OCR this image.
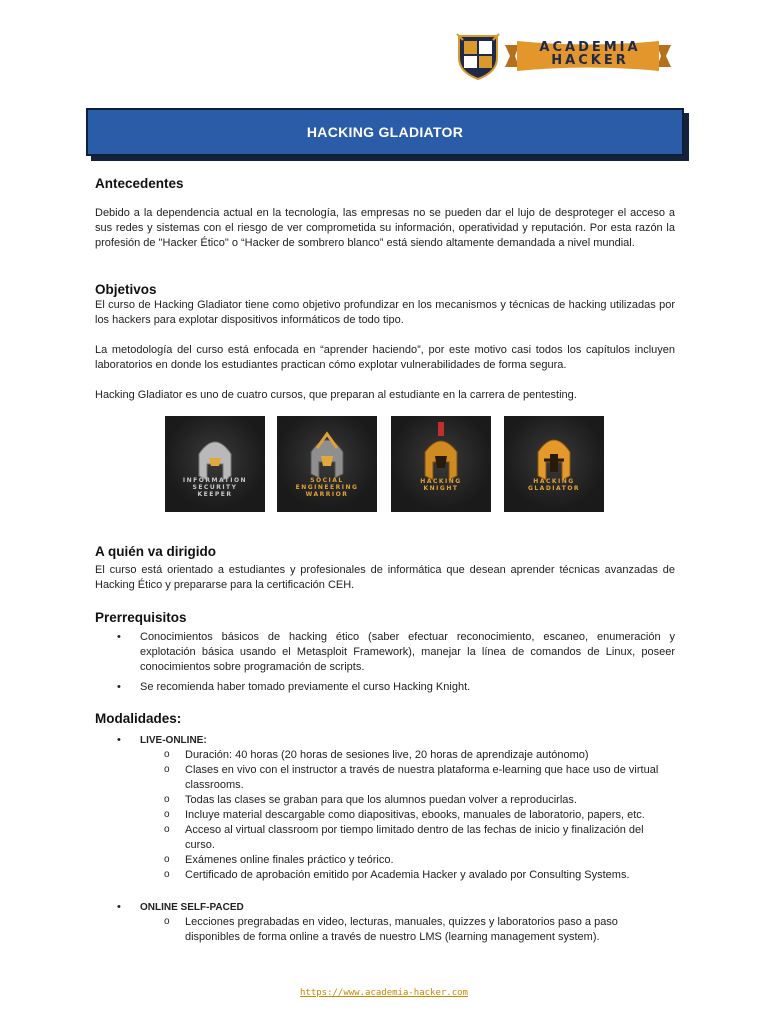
ACADEMIA
HACKER
HACKING GLADIATOR
Antecedentes

Debido a la dependencia actual en la tecnología, las empresas no se pueden dar el lujo de desproteger el acceso a sus redes y sistemas con el riesgo de ver comprometida su información, operatividad y reputación. Por esta razón la profesión de "Hacker Ético" o “Hacker de sombrero blanco” está siendo altamente demandada a nivel mundial.

Objetivos

El curso de Hacking Gladiator tiene como objetivo profundizar en los mecanismos y técnicas de hacking utilizadas por los hackers para explotar dispositivos informáticos de todo tipo.

La metodología del curso está enfocada en “aprender haciendo”, por este motivo casi todos los capítulos incluyen laboratorios en donde los estudiantes practican cómo explotar vulnerabilidades de forma segura.

Hacking Gladiator es uno de cuatro cursos, que preparan al estudiante en la carrera de pentesting.

INFORMATION
SECURITY
KEEPER
SOCIAL
ENGINEERING
WARRIOR
HACKING
KNIGHT
HACKING
GLADIATOR
A quién va dirigido

El curso está orientado a estudiantes y profesionales de informática que desean aprender técnicas avanzadas de Hacking Ético y prepararse para la certificación CEH.

Prerrequisitos
• Conocimientos básicos de hacking ético (saber efectuar reconocimiento, escaneo, enumeración y explotación básica usando el Metasploit Framework), manejar la línea de comandos de Linux, poseer conocimientos sobre programación de scripts.
• Se recomienda haber tomado previamente el curso Hacking Knight.
Modalidades:
• LIVE-ONLINE:
o Duración: 40 horas (20 horas de sesiones live, 20 horas de aprendizaje autónomo)
o Clases en vivo con el instructor a través de nuestra plataforma e-learning que hace uso de virtual classrooms.
o Todas las clases se graban para que los alumnos puedan volver a reproducirlas.
o Incluye material descargable como diapositivas, ebooks, manuales de laboratorio, papers, etc.
o Acceso al virtual classroom por tiempo limitado dentro de las fechas de inicio y finalización del curso.
o Exámenes online finales práctico y teórico.
o Certificado de aprobación emitido por Academia Hacker y avalado por Consulting Systems.
• ONLINE SELF-PACED
o Lecciones pregrabadas en video, lecturas, manuales, quizzes y laboratorios paso a paso disponibles de forma online a través de nuestro LMS (learning management system).
https://www.academia-hacker.com
